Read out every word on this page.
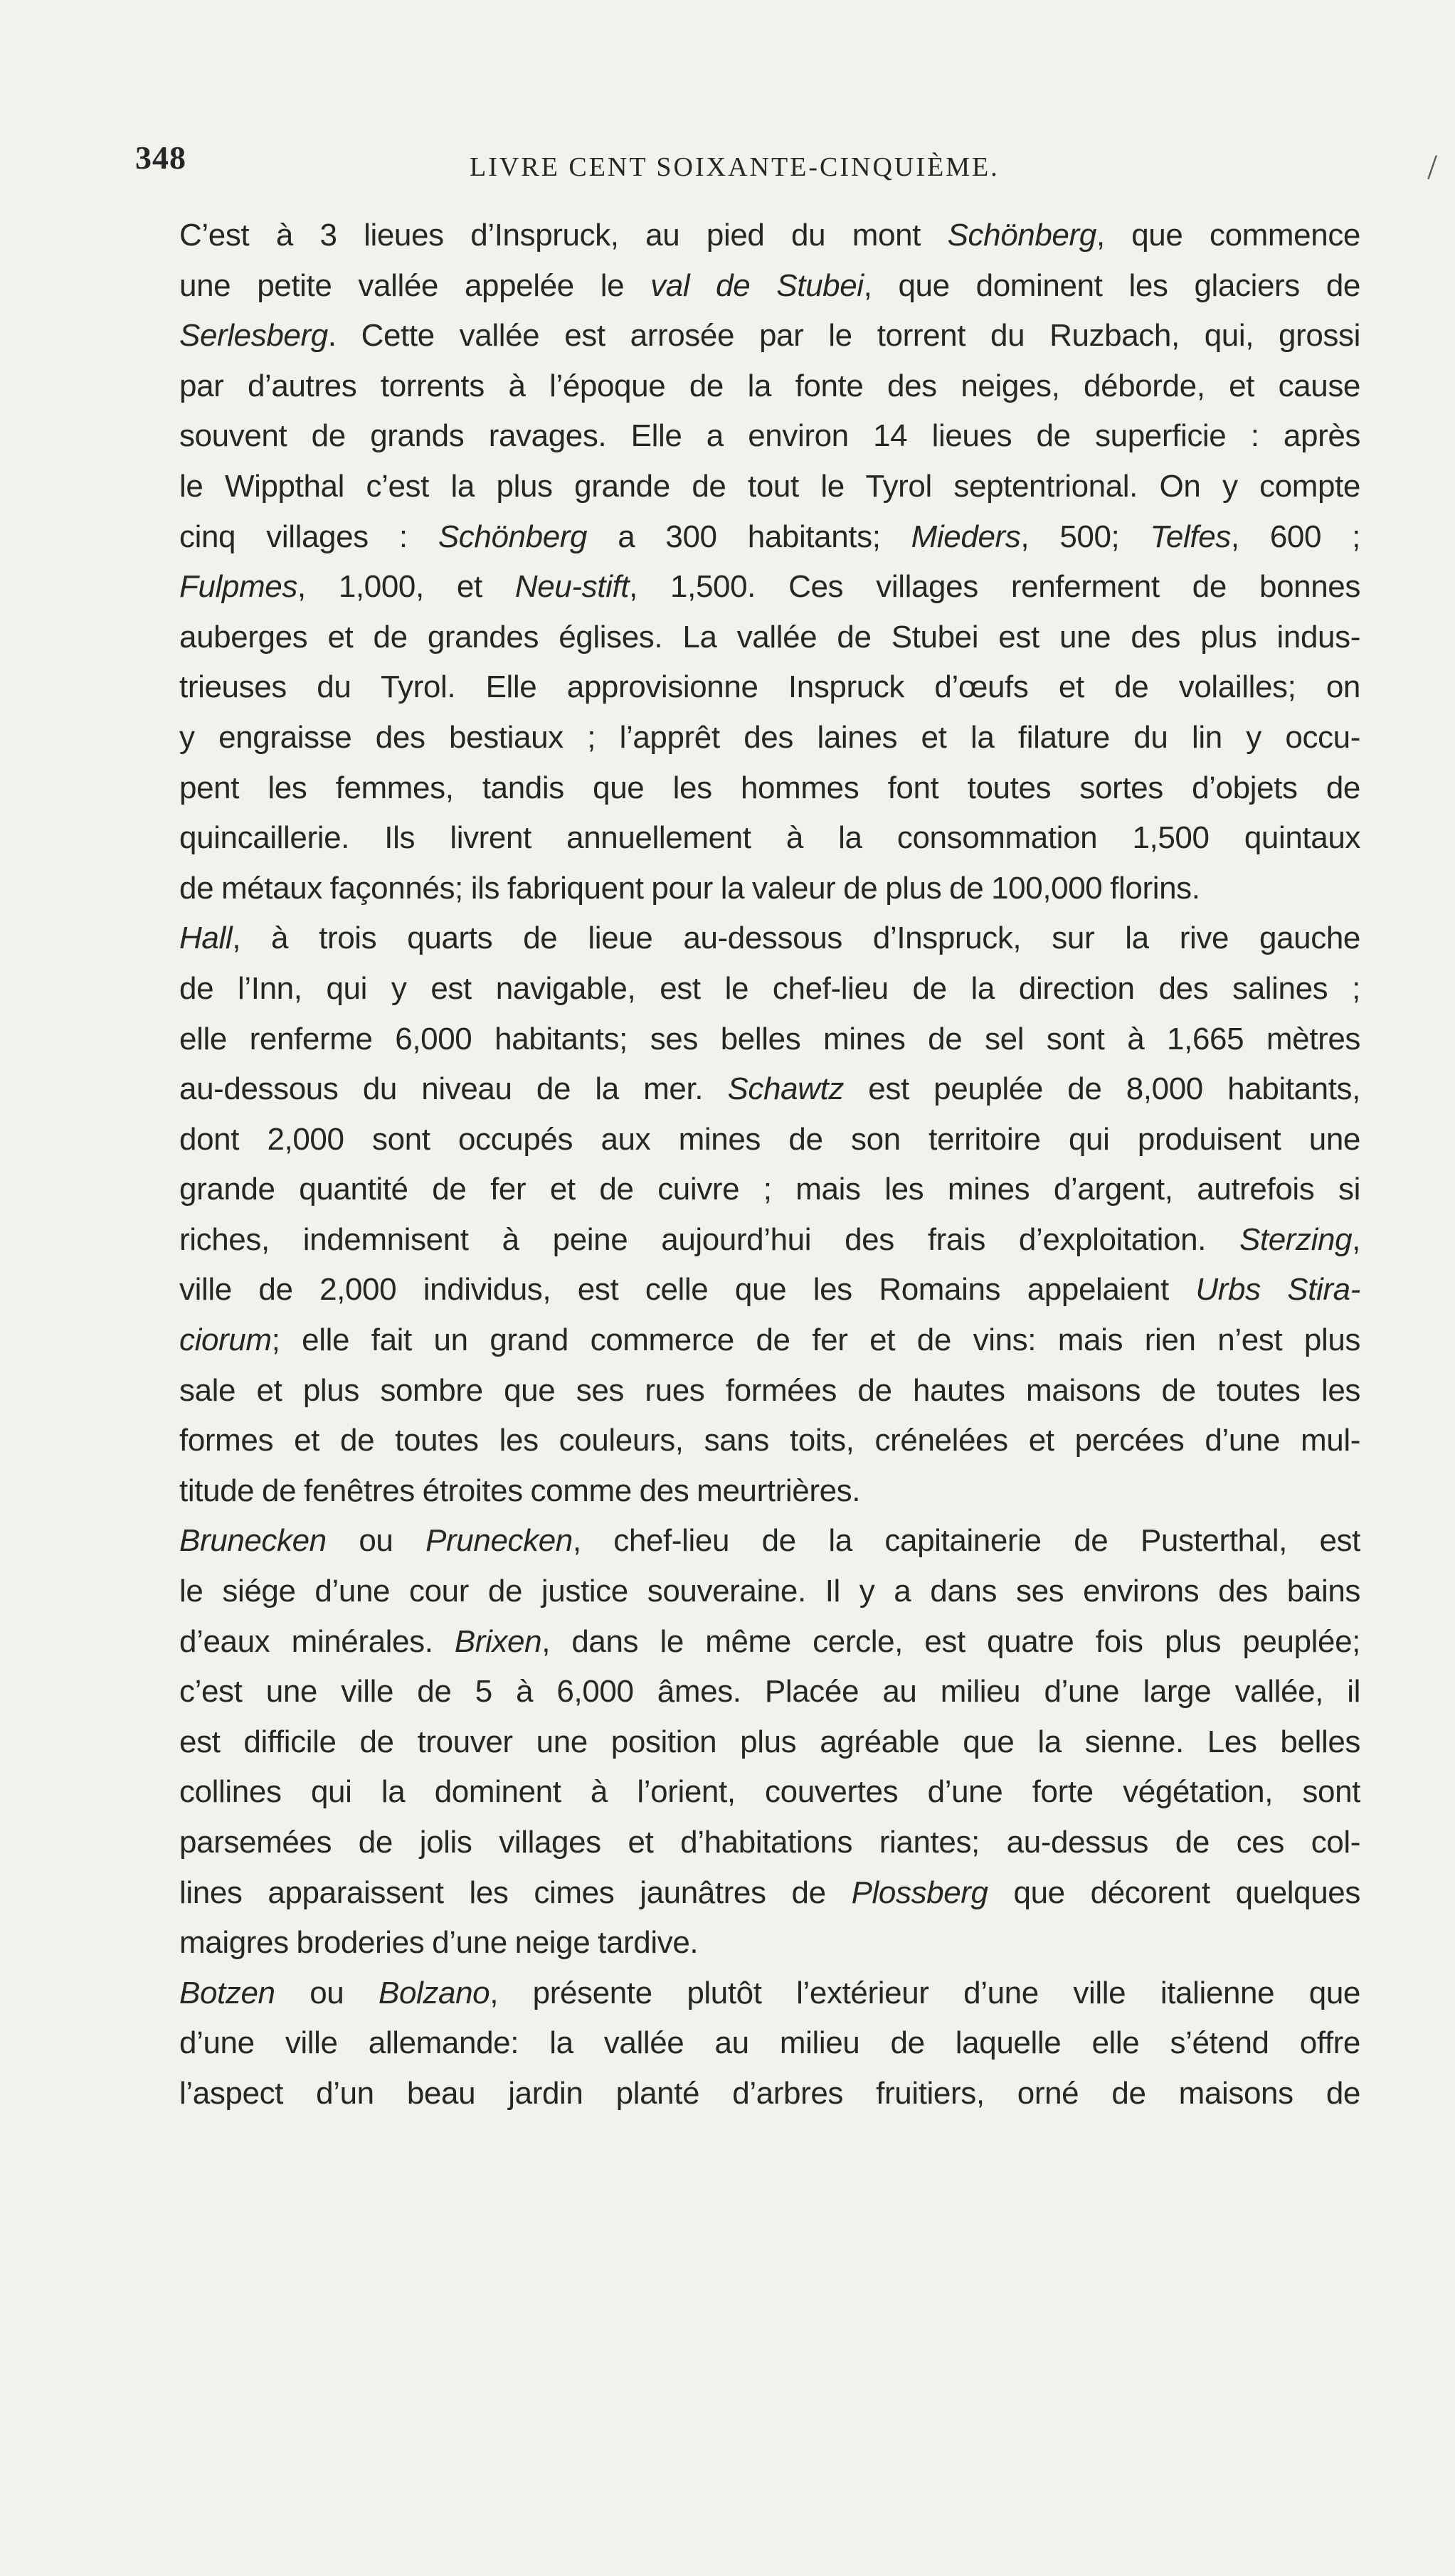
348	LIVRE CENT SOIXANTE-CINQUIÈME.	/

C’est à 3 lieues d’Inspruck, au pied du mont Schönberg, que commence
une petite vallée appelée le val de Stubei, que dominent les glaciers de
Serlesberg. Cette vallée est arrosée par le torrent du Ruzbach, qui, grossi
par d’autres torrents à l’époque de la fonte des neiges, déborde, et cause
souvent de grands ravages. Elle a environ 14 lieues de superficie : après
le Wippthal c’est la plus grande de tout le Tyrol septentrional. On y compte
cinq villages : Schönberg a 300 habitants; Mieders, 500; Telfes, 600 ;
Fulpmes, 1,000, et Neu-stift, 1,500. Ces villages renferment de bonnes
auberges et de grandes églises. La vallée de Stubei est une des plus indus-
trieuses du Tyrol. Elle approvisionne Inspruck d’œufs et de volailles; on
y engraisse des bestiaux ; l’apprêt des laines et la filature du lin y occu-
pent les femmes, tandis que les hommes font toutes sortes d’objets de
quincaillerie. Ils livrent annuellement à la consommation 1,500 quintaux
de métaux façonnés; ils fabriquent pour la valeur de plus de 100,000 florins.

Hall, à trois quarts de lieue au-dessous d’Inspruck, sur la rive gauche
de l’Inn, qui y est navigable, est le chef-lieu de la direction des salines ;
elle renferme 6,000 habitants; ses belles mines de sel sont à 1,665 mètres
au-dessous du niveau de la mer. Schawtz est peuplée de 8,000 habitants,
dont 2,000 sont occupés aux mines de son territoire qui produisent une
grande quantité de fer et de cuivre ; mais les mines d’argent, autrefois si
riches, indemnisent à peine aujourd’hui des frais d’exploitation. Sterzing,
ville de 2,000 individus, est celle que les Romains appelaient Urbs Stira-
ciorum; elle fait un grand commerce de fer et de vins: mais rien n’est plus
sale et plus sombre que ses rues formées de hautes maisons de toutes les
formes et de toutes les couleurs, sans toits, crénelées et percées d’une mul-
titude de fenêtres étroites comme des meurtrières.

Brunecken ou Prunecken, chef-lieu de la capitainerie de Pusterthal, est
le siége d’une cour de justice souveraine. Il y a dans ses environs des bains
d’eaux minérales. Brixen, dans le même cercle, est quatre fois plus peuplée;
c’est une ville de 5 à 6,000 âmes. Placée au milieu d’une large vallée, il
est difficile de trouver une position plus agréable que la sienne. Les belles
collines qui la dominent à l’orient, couvertes d’une forte végétation, sont
parsemées de jolis villages et d’habitations riantes; au-dessus de ces col-
lines apparaissent les cimes jaunâtres de Plossberg que décorent quelques
maigres broderies d’une neige tardive.

Botzen ou Bolzano, présente plutôt l’extérieur d’une ville italienne que
d’une ville allemande: la vallée au milieu de laquelle elle s’étend offre
l’aspect d’un beau jardin planté d’arbres fruitiers, orné de maisons de
